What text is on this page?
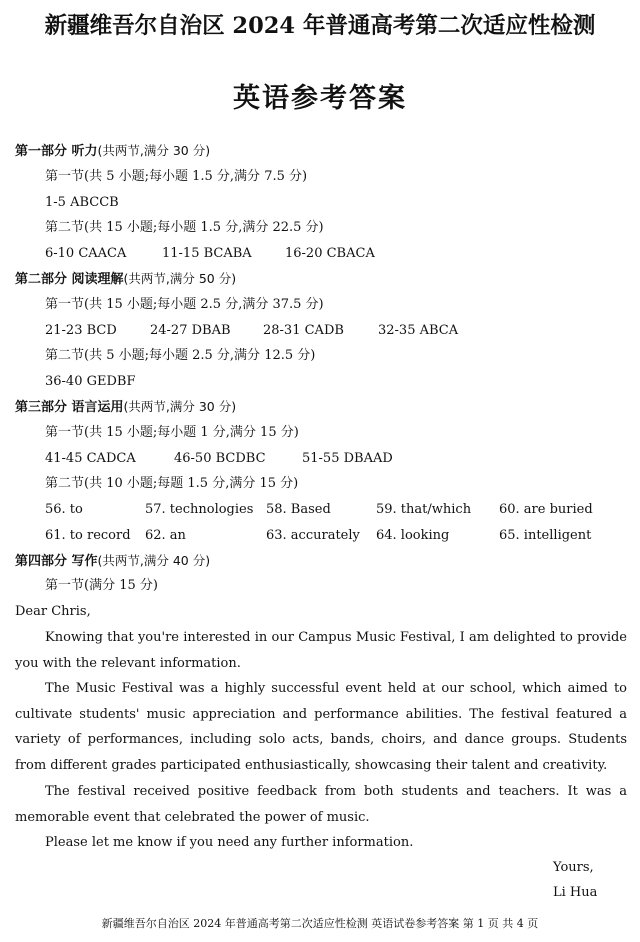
新疆维吾尔自治区 2024 年普通高考第二次适应性检测
英语参考答案
第一部分 听力(共两节,满分 30 分)
第一节(共 5 小题;每小题 1.5 分,满分 7.5 分)
1-5 ABCCB
第二节(共 15 小题;每小题 1.5 分,满分 22.5 分)
6-10 CAACA	11-15 BCABA	16-20 CBACA
第二部分 阅读理解(共两节,满分 50 分)
第一节(共 15 小题;每小题 2.5 分,满分 37.5 分)
21-23 BCD	24-27 DBAB 28-31 CADB	32-35 ABCA
第二节(共 5 小题;每小题 2.5 分,满分 12.5 分)
36-40 GEDBF
第三部分 语言运用(共两节,满分 30 分)
第一节(共 15 小题;每小题 1 分,满分 15 分)
41-45 CADCA	46-50 BCDBC	51-55 DBAAD
第二节(共 10 小题;每题 1.5 分,满分 15 分)
56. to	57. technologies 58. Based	59. that/which 60. are buried
61. to record 62. an	63. accurately 64. looking	65. intelligent
第四部分 写作(共两节,满分 40 分)
第一节(满分 15 分)
Dear Chris,
Knowing that you're interested in our Campus Music Festival, I am delighted to provide you with the relevant information.
The Music Festival was a highly successful event held at our school, which aimed to cultivate students' music appreciation and performance abilities. The festival featured a variety of performances, including solo acts, bands, choirs, and dance groups. Students from different grades participated enthusiastically, showcasing their talent and creativity.
The festival received positive feedback from both students and teachers. It was a memorable event that celebrated the power of music.
Please let me know if you need any further information.
Yours,
Li Hua
新疆维吾尔自治区 2024 年普通高考第二次适应性检测 英语试卷参考答案 第 1 页 共 4 页
